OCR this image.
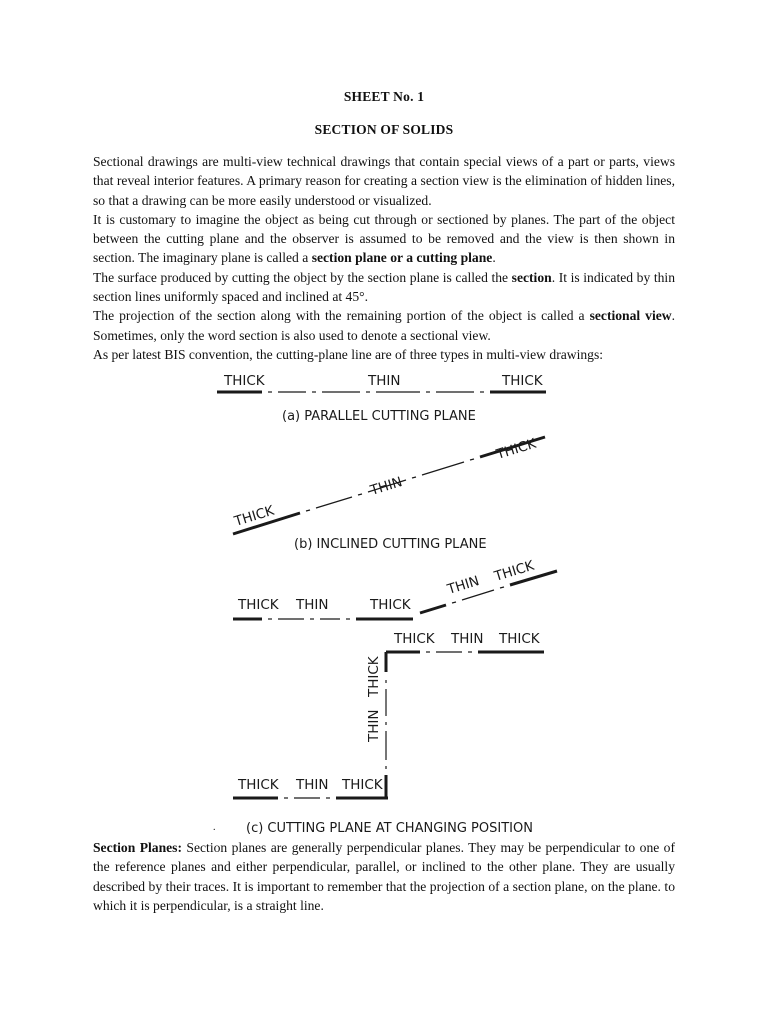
SHEET No. 1
SECTION OF SOLIDS

Sectional drawings are multi-view technical drawings that contain special views of a part or parts, views that reveal interior features. A primary reason for creating a section view is the elimination of hidden lines, so that a drawing can be more easily understood or visualized.

It is customary to imagine the object as being cut through or sectioned by planes. The part of the object between the cutting plane and the observer is assumed to be removed and the view is then shown in section. The imaginary plane is called a section plane or a cutting plane.

The surface produced by cutting the object by the section plane is called the section. It is indicated by thin section lines uniformly spaced and inclined at 45°.

The projection of the section along with the remaining portion of the object is called a sectional view. Sometimes, only the word section is also used to denote a sectional view.

As per latest BIS convention, the cutting-plane line are of three types in multi-view drawings:

THICK	THIN	THICK
(a) PARALLEL CUTTING PLANE
THICK
THIN
THICK
(b) INCLINED CUTTING PLANE
THICK THIN	THICK
THIN
THICK
THICK THIN THICK
THIN
THICK
THICK THIN THICK
(c) CUTTING PLANE AT CHANGING POSITION
.
Section Planes: Section planes are generally perpendicular planes. They may be perpendicular to one of the reference planes and either perpendicular, parallel, or inclined to the other plane. They are usually described by their traces. It is important to remember that the projection of a section plane, on the plane. to which it is perpendicular, is a straight line.
